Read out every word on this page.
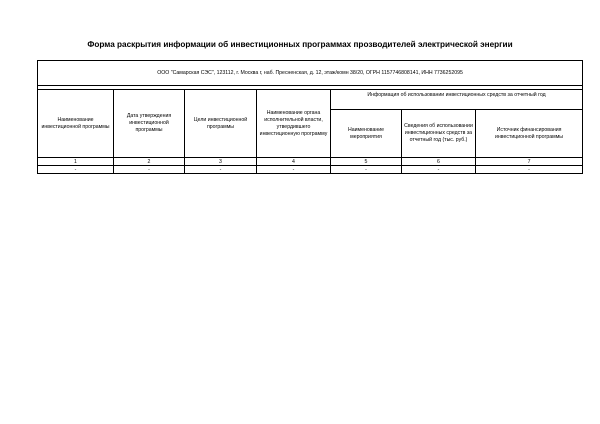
Форма раскрытия информации об инвестиционных программах прозводителей электрической энергии
ООО "Самарская СЭС", 123112, г. Москва г, наб. Пресненская, д. 12, этаж/комн 38/20, ОГРН 1157746808141, ИНН 7736252095						

Наименование инвестиционной программы	Дата утверждения инвестиционной программы	Цели инвестиционной программы	Наименование органа исполнительной власти, утвердившего инвестиционную программу	Информация об использовании инвестиционных средств за отчетный год		
				Наименование мероприятия	Сведения об использовании инвестиционных средств за отчетный год (тыс. руб.)	Источник финансирования инвестиционной программы
1	2	3	4	5	6	7
-	-	-	-	-	-	-
